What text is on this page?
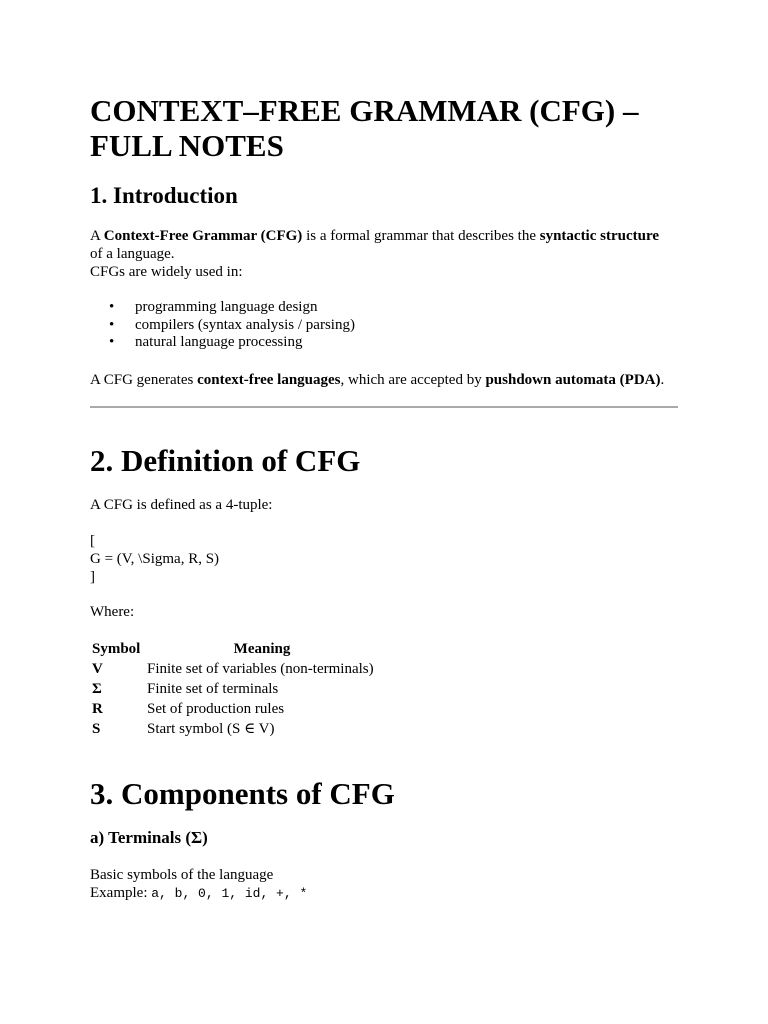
CONTEXT–FREE GRAMMAR (CFG) – FULL NOTES
1. Introduction

A Context-Free Grammar (CFG) is a formal grammar that describes the syntactic structure
of a language.
CFGs are widely used in:

• programming language design
• compilers (syntax analysis / parsing)
• natural language processing

A CFG generates context-free languages, which are accepted by pushdown automata (PDA).

2. Definition of CFG

A CFG is defined as a 4-tuple:

[
G = (V, \Sigma, R, S)
]

Where:

Symbol	Meaning
V	Finite set of variables (non-terminals)
Σ	Finite set of terminals
R	Set of production rules
S	Start symbol (S ∈ V)
3. Components of CFG
a) Terminals (Σ)

Basic symbols of the language
Example: a, b, 0, 1, id, +, *
